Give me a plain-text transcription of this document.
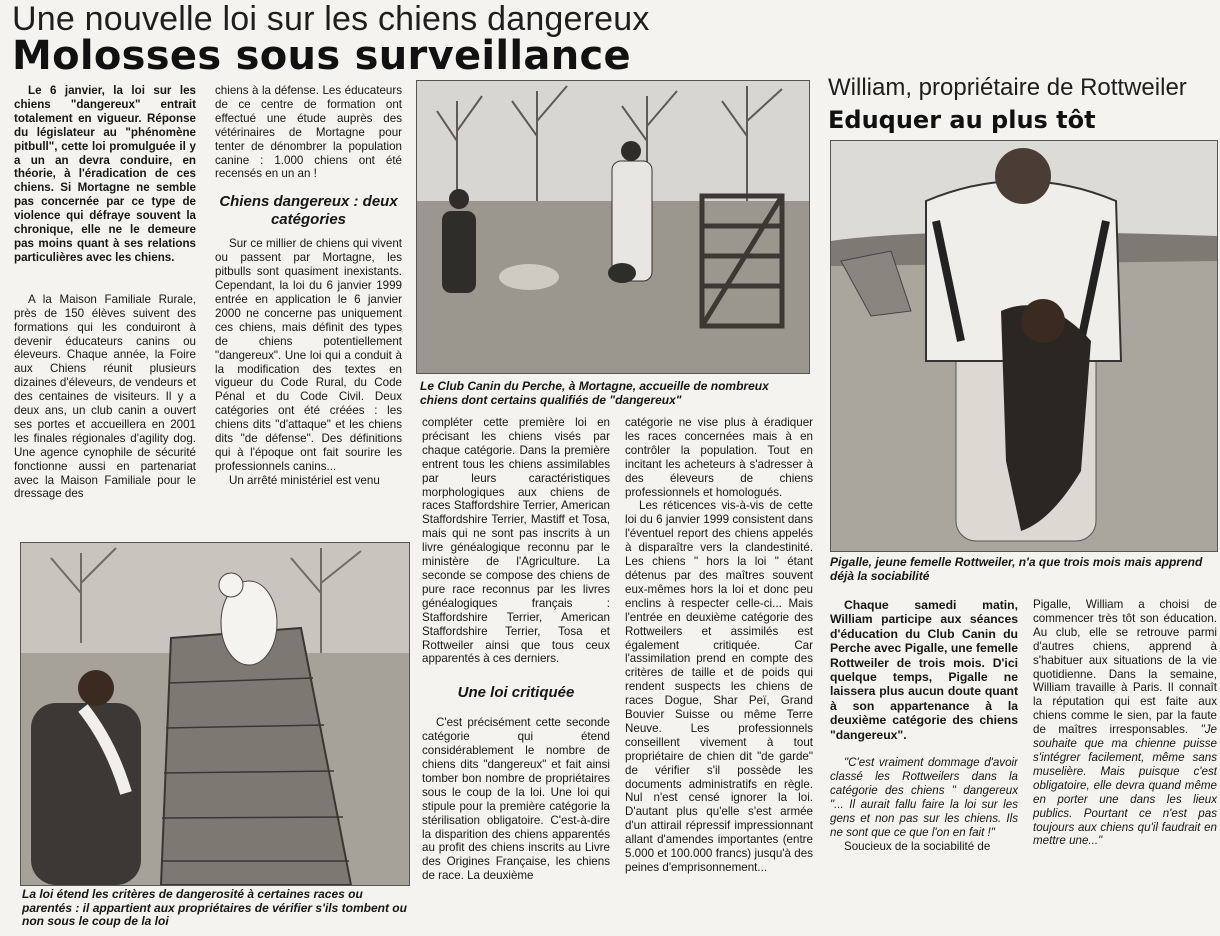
Une nouvelle loi sur les chiens dangereux
Molosses sous surveillance

Le 6 janvier, la loi sur les chiens "dangereux" entrait totalement en vigueur. Réponse du législateur au "phénomène pitbull", cette loi promulguée il y a un an devra conduire, en théorie, à l'éradication de ces chiens. Si Mortagne ne semble pas concernée par ce type de violence qui défraye souvent la chronique, elle ne le demeure pas moins quant à ses relations particulières avec les chiens.

A la Maison Familiale Rurale, près de 150 élèves suivent des formations qui les conduiront à devenir éducateurs canins ou éleveurs. Chaque année, la Foire aux Chiens réunit plusieurs dizaines d'éleveurs, de vendeurs et des centaines de visiteurs. Il y a deux ans, un club canin a ouvert ses portes et accueillera en 2001 les finales régionales d'agility dog. Une agence cynophile de sécurité fonctionne aussi en partenariat avec la Maison Familiale pour le dressage des

chiens à la défense. Les éducateurs de ce centre de formation ont effectué une étude auprès des vétérinaires de Mortagne pour tenter de dénombrer la population canine : 1.000 chiens ont été recensés en un an !

Chiens dangereux : deux catégories

Sur ce millier de chiens qui vivent ou passent par Mortagne, les pitbulls sont quasiment inexistants. Cependant, la loi du 6 janvier 1999 entrée en application le 6 janvier 2000 ne concerne pas uniquement ces chiens, mais définit des types de chiens potentiellement "dangereux". Une loi qui a conduit à la modification des textes en vigueur du Code Rural, du Code Pénal et du Code Civil. Deux catégories ont été créées : les chiens dits "d'attaque" et les chiens dits "de défense". Des définitions qui à l'époque ont fait sourire les professionnels canins...

Un arrêté ministériel est venu

Le Club Canin du Perche, à Mortagne, accueille de nombreux chiens dont certains qualifiés de "dangereux"

compléter cette première loi en précisant les chiens visés par chaque catégorie. Dans la première entrent tous les chiens assimilables par leurs caractéristiques morphologiques aux chiens de races Staffordshire Terrier, American Staffordshire Terrier, Mastiff et Tosa, mais qui ne sont pas inscrits à un livre généalogique reconnu par le ministère de l'Agriculture. La seconde se compose des chiens de pure race reconnus par les livres généalogiques français : Staffordshire Terrier, American Staffordshire Terrier, Tosa et Rottweiler ainsi que tous ceux apparentés à ces derniers.

Une loi critiquée

C'est précisément cette seconde catégorie qui étend considérablement le nombre de chiens dits "dangereux" et fait ainsi tomber bon nombre de propriétaires sous le coup de la loi. Une loi qui stipule pour la première catégorie la stérilisation obligatoire. C'est-à-dire la disparition des chiens apparentés au profit des chiens inscrits au Livre des Origines Française, les chiens de race. La deuxième

catégorie ne vise plus à éradiquer les races concernées mais à en contrôler la population. Tout en incitant les acheteurs à s'adresser à des éleveurs de chiens professionnels et homologués.

Les réticences vis-à-vis de cette loi du 6 janvier 1999 consistent dans l'éventuel report des chiens appelés à disparaître vers la clandestinité. Les chiens " hors la loi " étant détenus par des maîtres souvent eux-mêmes hors la loi et donc peu enclins à respecter celle-ci... Mais l'entrée en deuxième catégorie des Rottweilers et assimilés est également critiquée. Car l'assimilation prend en compte des critères de taille et de poids qui rendent suspects les chiens de races Dogue, Shar Peï, Grand Bouvier Suisse ou même Terre Neuve. Les professionnels conseillent vivement à tout propriétaire de chien dit "de garde" de vérifier s'il possède les documents administratifs en règle. Nul n'est censé ignorer la loi. D'autant plus qu'elle s'est armée d'un attirail répressif impressionnant allant d'amendes importantes (entre 5.000 et 100.000 francs) jusqu'à des peines d'emprisonnement...

La loi étend les critères de dangerosité à certaines races ou parentés : il appartient aux propriétaires de vérifier s'ils tombent ou non sous le coup de la loi
William, propriétaire de Rottweiler
Eduquer au plus tôt
Pigalle, jeune femelle Rottweiler, n'a que trois mois mais apprend déjà la sociabilité

Chaque samedi matin, William participe aux séances d'éducation du Club Canin du Perche avec Pigalle, une femelle Rottweiler de trois mois. D'ici quelque temps, Pigalle ne laissera plus aucun doute quant à son appartenance à la deuxième catégorie des chiens "dangereux".

"C'est vraiment dommage d'avoir classé les Rottweilers dans la catégorie des chiens " dangereux "... Il aurait fallu faire la loi sur les gens et non pas sur les chiens. Ils ne sont que ce que l'on en fait !"

Soucieux de la sociabilité de

Pigalle, William a choisi de commencer très tôt son éducation. Au club, elle se retrouve parmi d'autres chiens, apprend à s'habituer aux situations de la vie quotidienne. Dans la semaine, William travaille à Paris. Il connaît la réputation qui est faite aux chiens comme le sien, par la faute de maîtres irresponsables.

"Je souhaite que ma chienne puisse s'intégrer facilement, même sans muselière. Mais puisque c'est obligatoire, elle devra quand même en porter une dans les lieux publics. Pourtant ce n'est pas toujours aux chiens qu'il faudrait en mettre une..."
